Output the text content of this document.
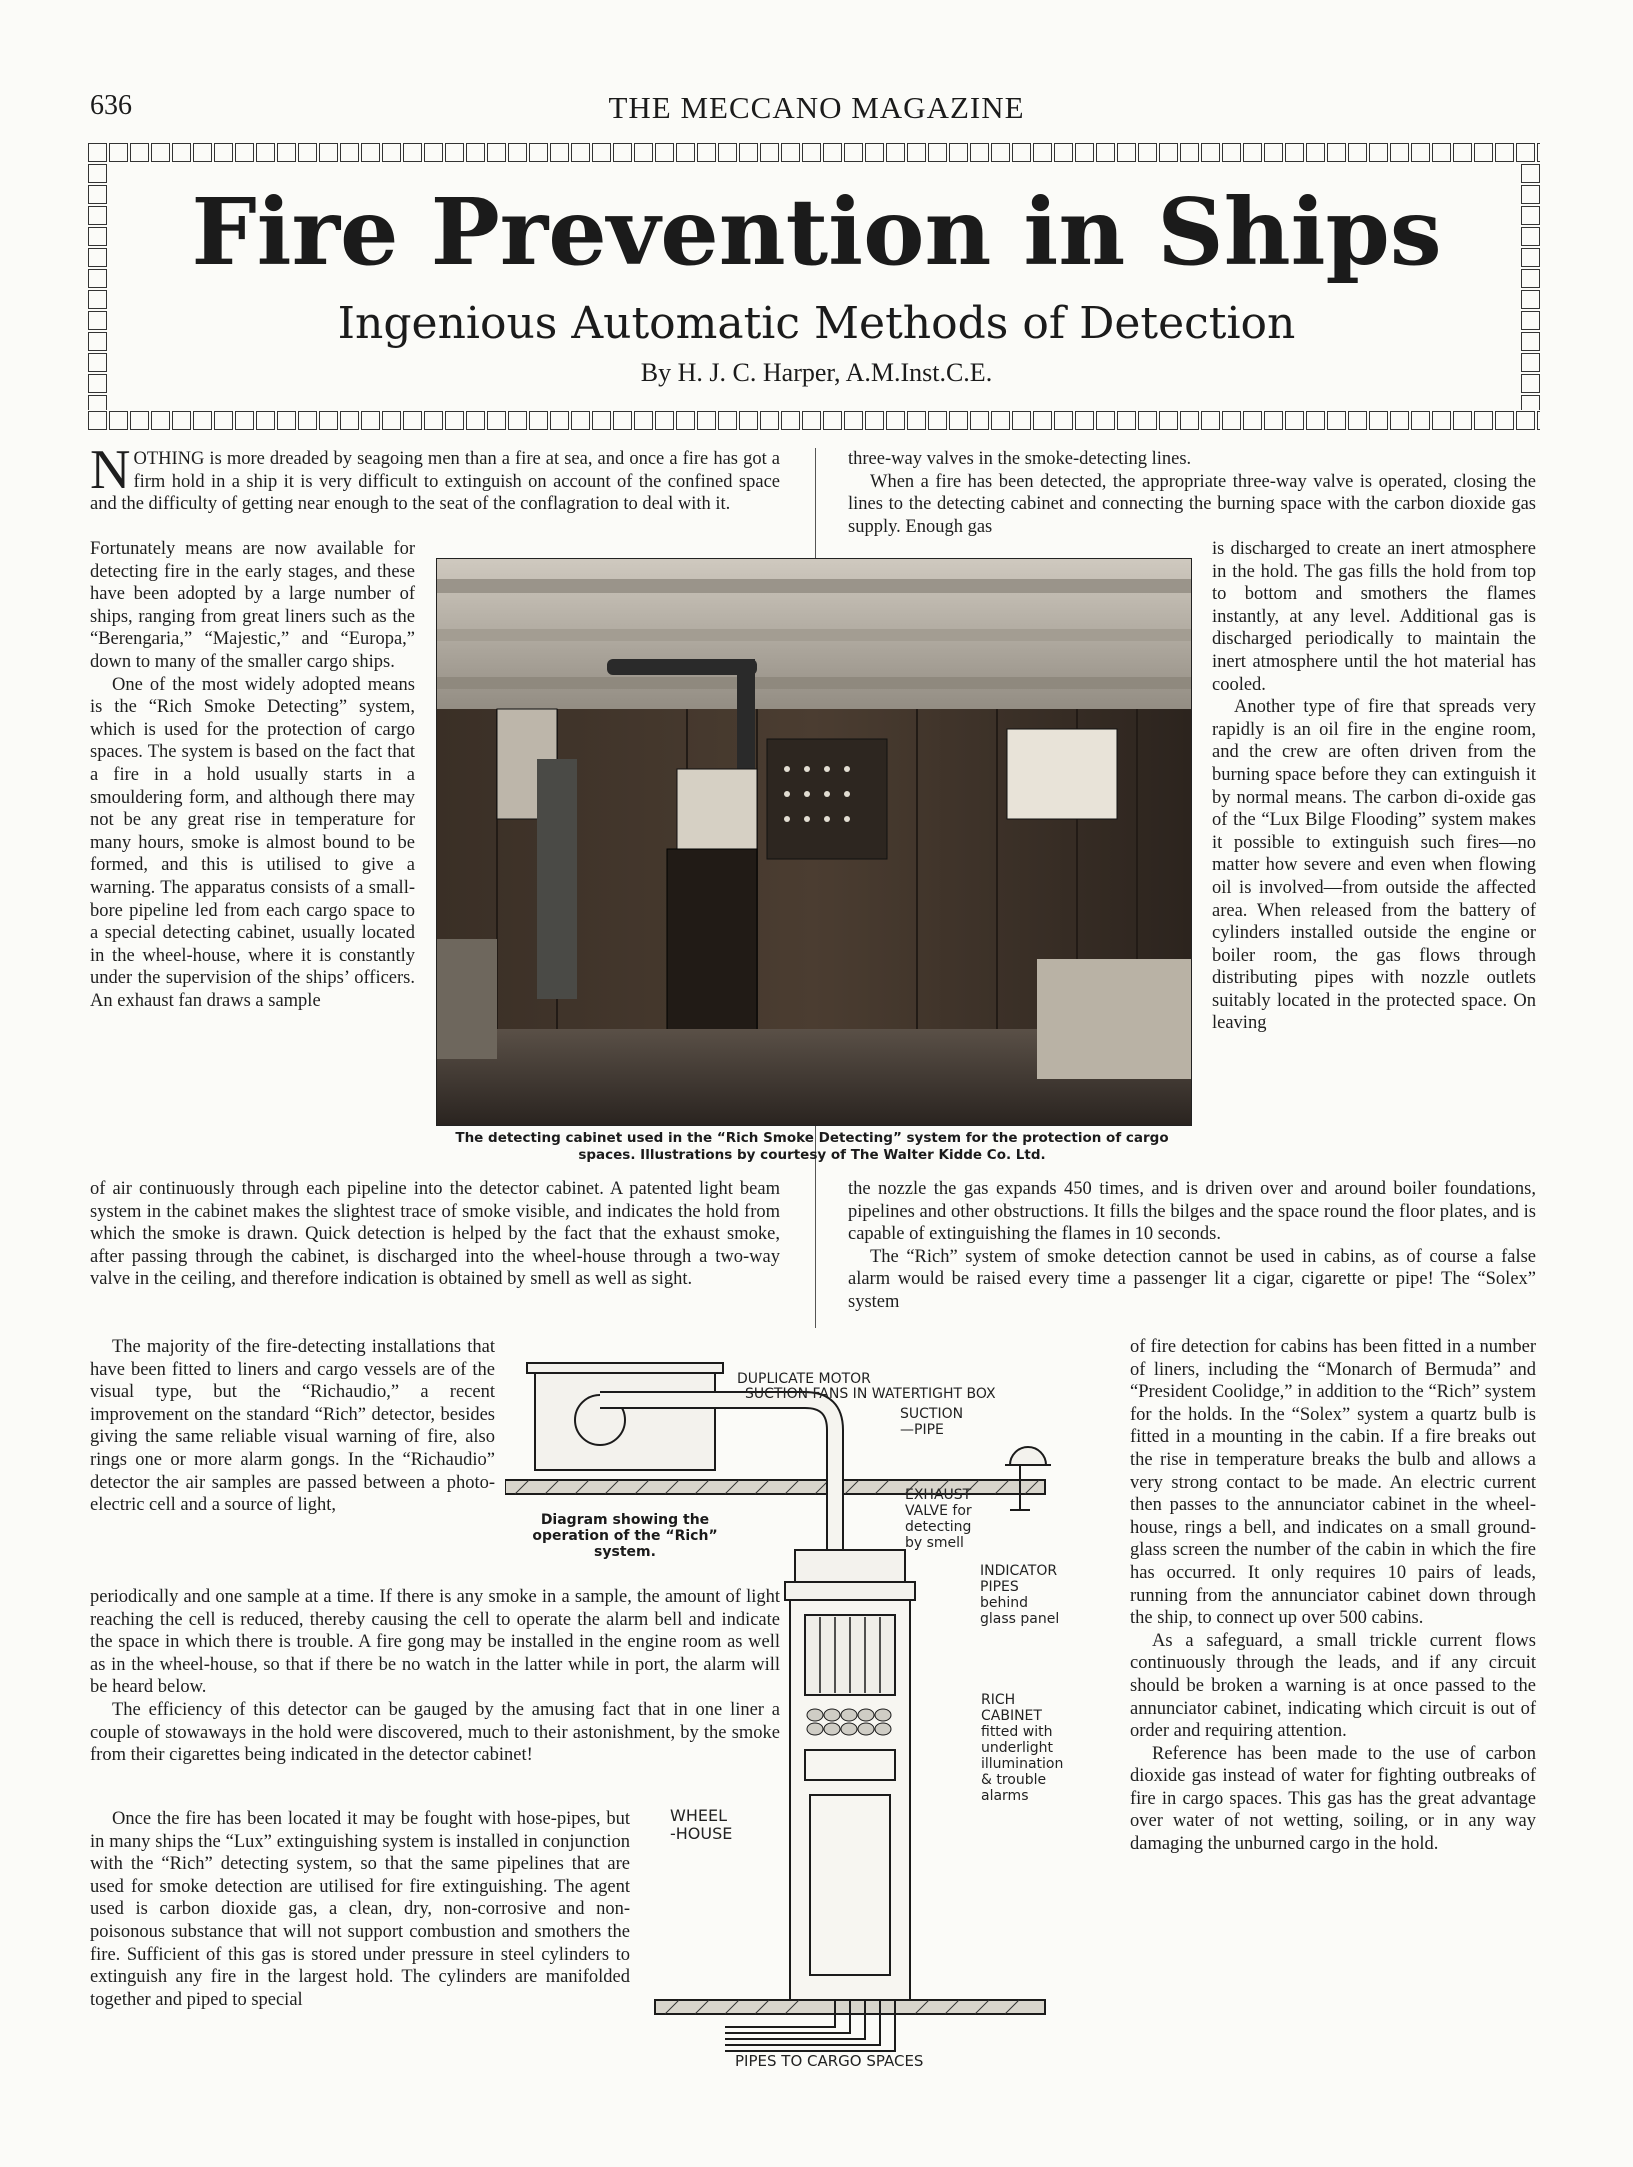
636	THE MECCANO MAGAZINE
Fire Prevention in Ships
Ingenious Automatic Methods of Detection
By H. J. C. Harper, A.M.Inst.C.E.

NOTHING is more dreaded by seagoing men than a fire at sea, and once a fire has got a firm hold in a ship it is very difficult to extinguish on account of the confined space and the difficulty of getting near enough to the seat of the conflagration to deal with it.

Fortunately means are now available for detecting fire in the early stages, and these have been adopted by a large number of ships, ranging from great liners such as the “Berengaria,” “Majestic,” and “Europa,” down to many of the smaller cargo ships.

One of the most widely adopted means is the “Rich Smoke Detecting” system, which is used for the protection of cargo spaces. The system is based on the fact that a fire in a hold usually starts in a smouldering form, and although there may not be any great rise in temperature for many hours, smoke is almost bound to be formed, and this is utilised to give a warning. The apparatus consists of a small-bore pipeline led from each cargo space to a special detecting cabinet, usually located in the wheel-house, where it is constantly under the supervision of the ships’ officers. An exhaust fan draws a sample

of air continuously through each pipeline into the detector cabinet. A patented light beam system in the cabinet makes the slightest trace of smoke visible, and indicates the hold from which the smoke is drawn. Quick detection is helped by the fact that the exhaust smoke, after passing through the cabinet, is discharged into the wheel-house through a two-way valve in the ceiling, and therefore indication is obtained by smell as well as sight.

The majority of the fire-detecting installations that have been fitted to liners and cargo vessels are of the visual type, but the “Richaudio,” a recent improvement on the standard “Rich” detector, besides giving the same reliable visual warning of fire, also rings one or more alarm gongs. In the “Richaudio” detector the air samples are passed between a photo-electric cell and a source of light,

periodically and one sample at a time. If there is any smoke in a sample, the amount of light reaching the cell is reduced, thereby causing the cell to operate the alarm bell and indicate the space in which there is trouble. A fire gong may be installed in the engine room as well as in the wheel-house, so that if there be no watch in the latter while in port, the alarm will be heard below.

The efficiency of this detector can be gauged by the amusing fact that in one liner a couple of stowaways in the hold were discovered, much to their astonishment, by the smoke from their cigarettes being indicated in the detector cabinet!

Once the fire has been located it may be fought with hose-pipes, but in many ships the “Lux” extinguishing system is installed in conjunction with the “Rich” detecting system, so that the same pipelines that are used for smoke detection are utilised for fire extinguishing. The agent used is carbon dioxide gas, a clean, dry, non-corrosive and non-poisonous substance that will not support combustion and smothers the fire. Sufficient of this gas is stored under pressure in steel cylinders to extinguish any fire in the largest hold. The cylinders are manifolded together and piped to special

three-way valves in the smoke-detecting lines.

When a fire has been detected, the appropriate three-way valve is operated, closing the lines to the detecting cabinet and connecting the burning space with the carbon dioxide gas supply. Enough gas

is discharged to create an inert atmosphere in the hold. The gas fills the hold from top to bottom and smothers the flames instantly, at any level. Additional gas is discharged periodically to maintain the inert atmosphere until the hot material has cooled.

Another type of fire that spreads very rapidly is an oil fire in the engine room, and the crew are often driven from the burning space before they can extinguish it by normal means. The carbon di-oxide gas of the “Lux Bilge Flooding” system makes it possible to extinguish such fires—no matter how severe and even when flowing oil is involved—from outside the affected area. When released from the battery of cylinders installed outside the engine or boiler room, the gas flows through distributing pipes with nozzle outlets suitably located in the protected space. On leaving

the nozzle the gas expands 450 times, and is driven over and around boiler foundations, pipelines and other obstructions. It fills the bilges and the space round the floor plates, and is capable of extinguishing the flames in 10 seconds.

The “Rich” system of smoke detection cannot be used in cabins, as of course a false alarm would be raised every time a passenger lit a cigar, cigarette or pipe! The “Solex” system

of fire detection for cabins has been fitted in a number of liners, including the “Monarch of Bermuda” and “President Coolidge,” in addition to the “Rich” system for the holds. In the “Solex” system a quartz bulb is fitted in a mounting in the cabin. If a fire breaks out the rise in temperature breaks the bulb and allows a very strong contact to be made. An electric current then passes to the annunciator cabinet in the wheel-house, rings a bell, and indicates on a small ground-glass screen the number of the cabin in which the fire has occurred. It only requires 10 pairs of leads, running from the annunciator cabinet down through the ship, to connect up over 500 cabins.

As a safeguard, a small trickle current flows continuously through the leads, and if any circuit should be broken a warning is at once passed to the annunciator cabinet, indicating which circuit is out of order and requiring attention.

Reference has been made to the use of carbon dioxide gas instead of water for fighting outbreaks of fire in cargo spaces. This gas has the great advantage over water of not wetting, soiling, or in any way damaging the unburned cargo in the hold.

The detecting cabinet used in the “Rich Smoke Detecting” system for the protection of cargo spaces. Illustrations by courtesy of The Walter Kidde Co. Ltd.
DUPLICATE MOTOR
SUCTION FANS IN WATERTIGHT BOX
SUCTION
—PIPE
EXHAUST
VALVE for
detecting
by smell
INDICATOR
PIPES
behind
glass panel
RICH
CABINET
fitted with
underlight
illumination
& trouble
alarms
WHEEL
-HOUSE
PIPES TO CARGO SPACES
Diagram showing the operation of the “Rich” system.
